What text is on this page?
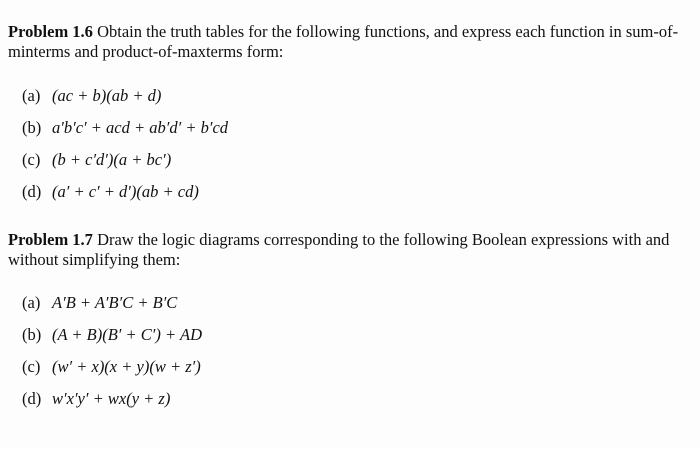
Problem 1.6 Obtain the truth tables for the following functions, and express each function in sum-of-minterms and product-of-maxterms form:

(a) (ac + b)(ab + d)
(b) a′b′c′ + acd + ab′d′ + b′cd
(c) (b + c′d′)(a + bc′)
(d) (a′ + c′ + d′)(ab + cd)

Problem 1.7 Draw the logic diagrams corresponding to the following Boolean expressions with and without simplifying them:

(a) A′B + A′B′C + B′C
(b) (A + B)(B′ + C′) + AD
(c) (w′ + x)(x + y)(w + z′)
(d) w′x′y′ + wx(y + z)
